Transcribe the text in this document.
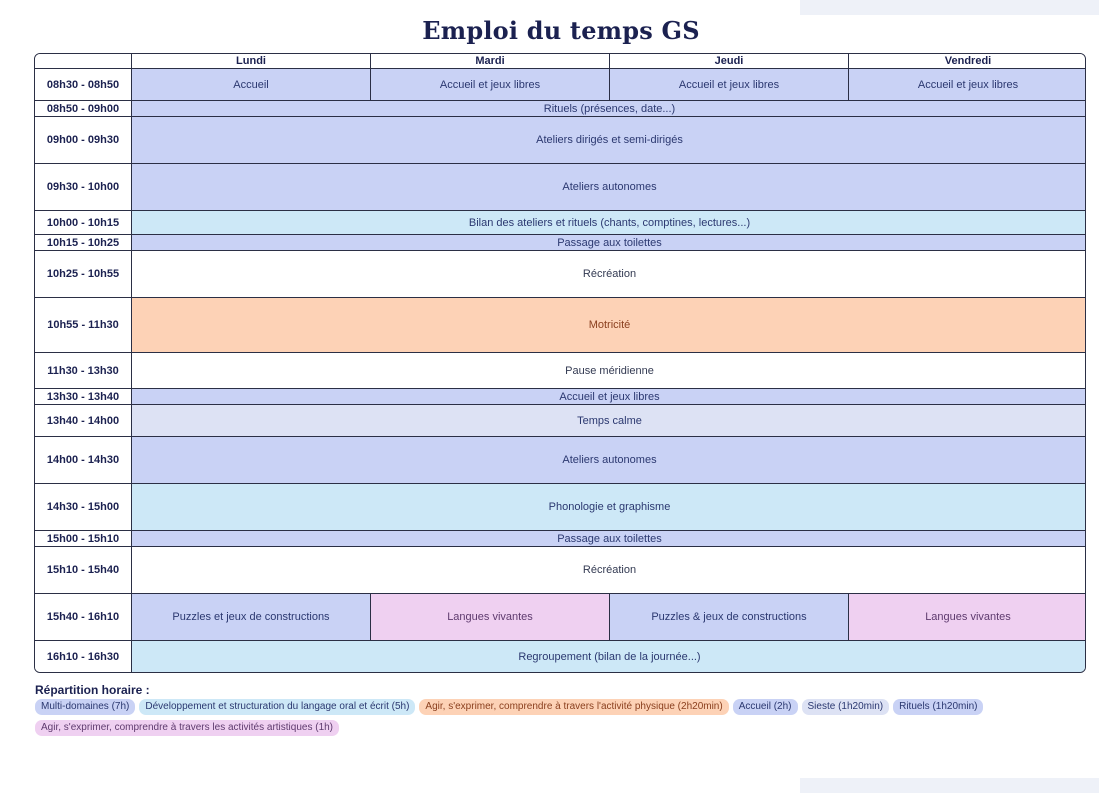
Emploi du temps GS
	Lundi	Mardi	Jeudi	Vendredi
08h30 - 08h50	Accueil	Accueil et jeux libres	Accueil et jeux libres	Accueil et jeux libres
08h50 - 09h00	Rituels (présences, date...)			
09h00 - 09h30	Ateliers dirigés et semi-dirigés			
09h30 - 10h00	Ateliers autonomes			
10h00 - 10h15	Bilan des ateliers et rituels (chants, comptines, lectures...)			
10h15 - 10h25	Passage aux toilettes			
10h25 - 10h55	Récréation			
10h55 - 11h30	Motricité			
11h30 - 13h30	Pause méridienne			
13h30 - 13h40	Accueil et jeux libres			
13h40 - 14h00	Temps calme			
14h00 - 14h30	Ateliers autonomes			
14h30 - 15h00	Phonologie et graphisme			
15h00 - 15h10	Passage aux toilettes			
15h10 - 15h40	Récréation			
15h40 - 16h10	Puzzles et jeux de constructions	Langues vivantes	Puzzles & jeux de constructions	Langues vivantes
16h10 - 16h30	Regroupement (bilan de la journée...)			
Répartition horaire :
Multi-domaines (7h)	Développement et structuration du langage oral et écrit (5h)	Agir, s'exprimer, comprendre à travers l'activité physique (2h20min)	Accueil (2h)	Sieste (1h20min)	Rituels (1h20min)
Agir, s'exprimer, comprendre à travers les activités artistiques (1h)
